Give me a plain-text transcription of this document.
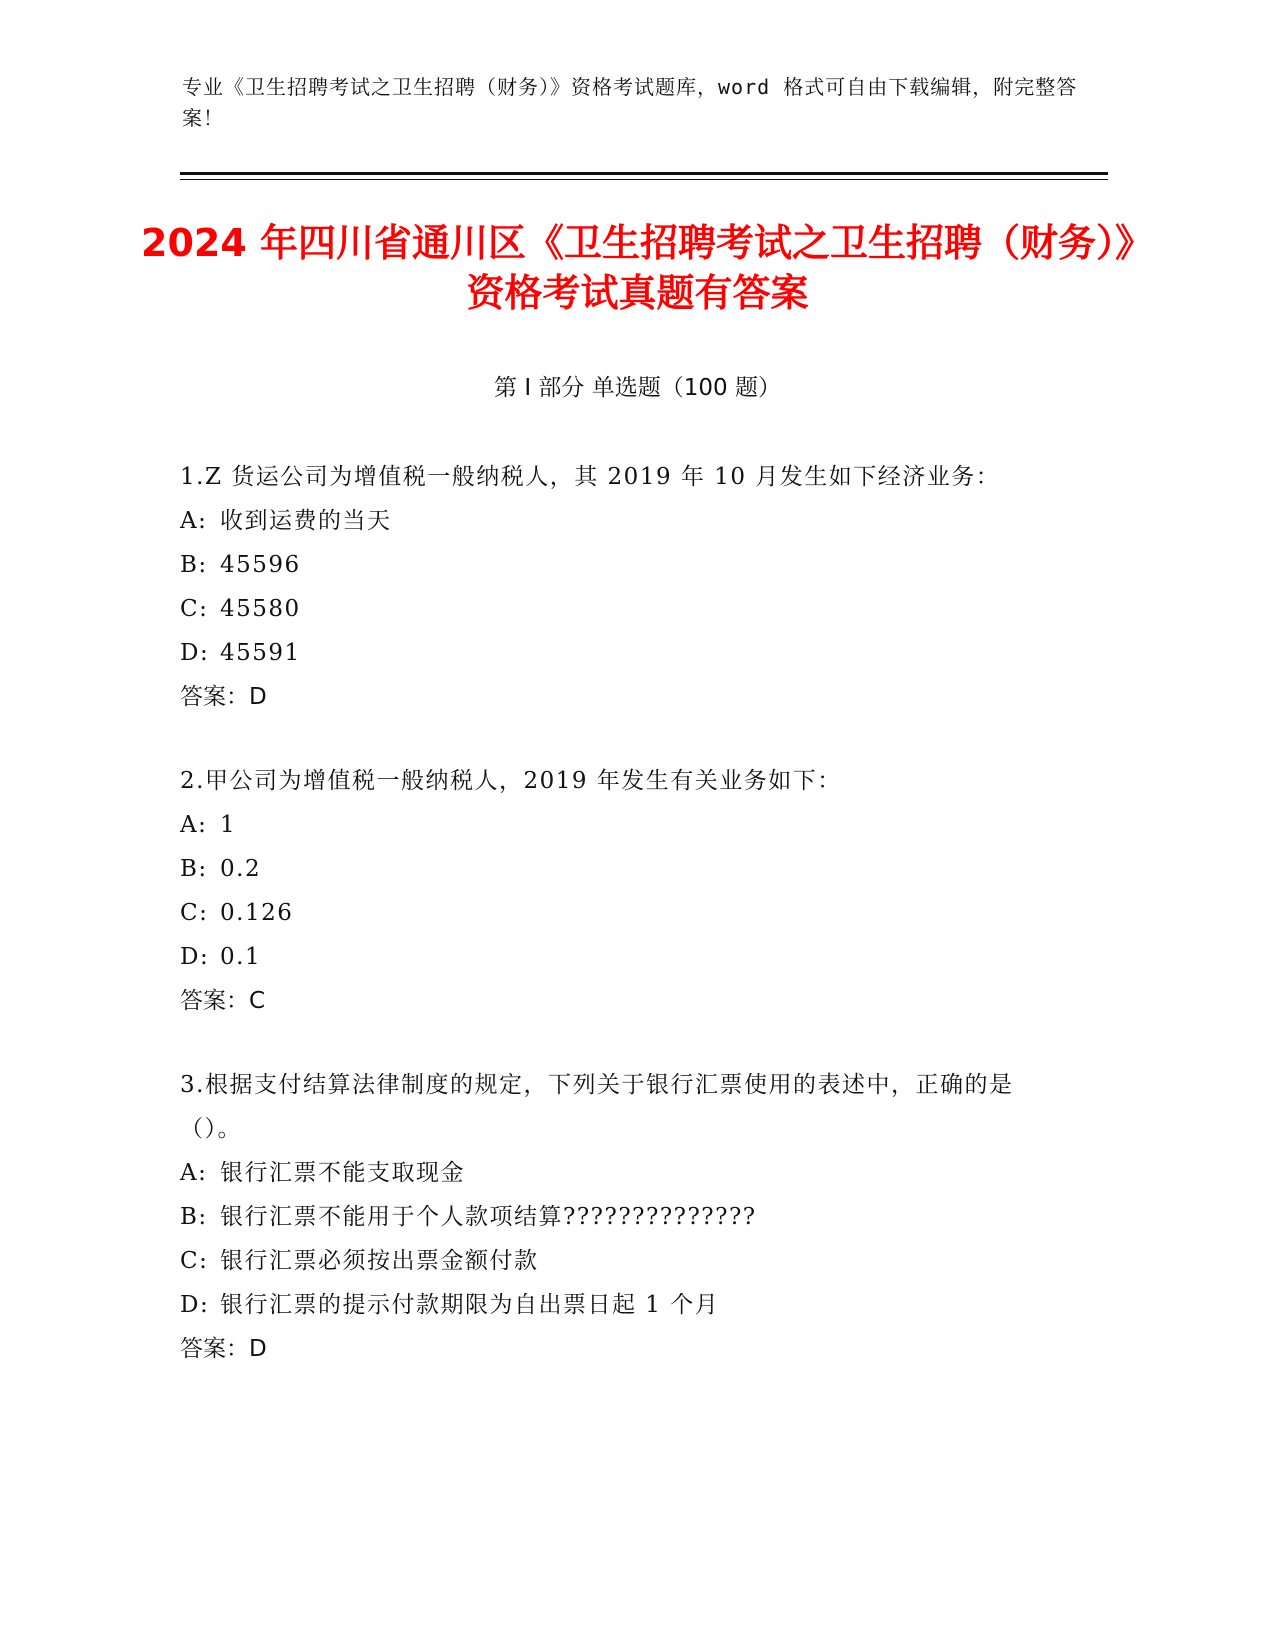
专业《卫生招聘考试之卫生招聘（财务）》资格考试题库，word 格式可自由下载编辑，附完整答案！
2024 年四川省通川区《卫生招聘考试之卫生招聘（财务）》资格考试真题有答案
第 I 部分 单选题（100 题）

1.Z 货运公司为增值税一般纳税人，其 2019 年 10 月发生如下经济业务：

A: 收到运费的当天

B: 45596

C: 45580

D: 45591

答案：D

2.甲公司为增值税一般纳税人，2019 年发生有关业务如下：

A: 1

B: 0.2

C: 0.126

D: 0.1

答案：C

3.根据支付结算法律制度的规定，下列关于银行汇票使用的表述中，正确的是（）。

A: 银行汇票不能支取现金

B: 银行汇票不能用于个人款项结算??????????????

C: 银行汇票必须按出票金额付款

D: 银行汇票的提示付款期限为自出票日起 1 个月

答案：D
